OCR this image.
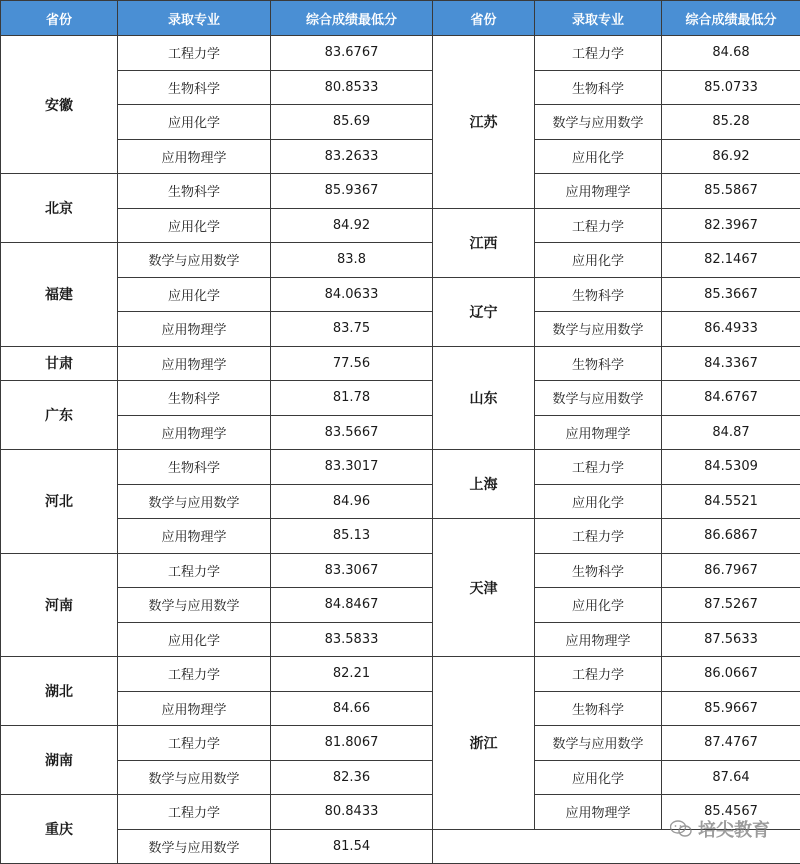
省份	录取专业	综合成绩最低分
安徽	工程力学	83.6767
	生物科学	80.8533
	应用化学	85.69
	应用物理学	83.2633
北京	生物科学	85.9367
	应用化学	84.92
福建	数学与应用数学	83.8
	应用化学	84.0633
	应用物理学	83.75
甘肃	应用物理学	77.56
广东	生物科学	81.78
	应用物理学	83.5667
河北	生物科学	83.3017
	数学与应用数学	84.96
	应用物理学	85.13
河南	工程力学	83.3067
	数学与应用数学	84.8467
	应用化学	83.5833
湖北	工程力学	82.21
	应用物理学	84.66
湖南	工程力学	81.8067
	数学与应用数学	82.36
重庆	工程力学	80.8433
	数学与应用数学	81.54
省份	录取专业	综合成绩最低分
江苏	工程力学	84.68
	生物科学	85.0733
	数学与应用数学	85.28
	应用化学	86.92
	应用物理学	85.5867
江西	工程力学	82.3967
	应用化学	82.1467
辽宁	生物科学	85.3667
	数学与应用数学	86.4933
山东	生物科学	84.3367
	数学与应用数学	84.6767
	应用物理学	84.87
上海	工程力学	84.5309
	应用化学	84.5521
天津	工程力学	86.6867
	生物科学	86.7967
	应用化学	87.5267
	应用物理学	87.5633
浙江	工程力学	86.0667
	生物科学	85.9667
	数学与应用数学	87.4767
	应用化学	87.64
	应用物理学	85.4567

培尖教育
